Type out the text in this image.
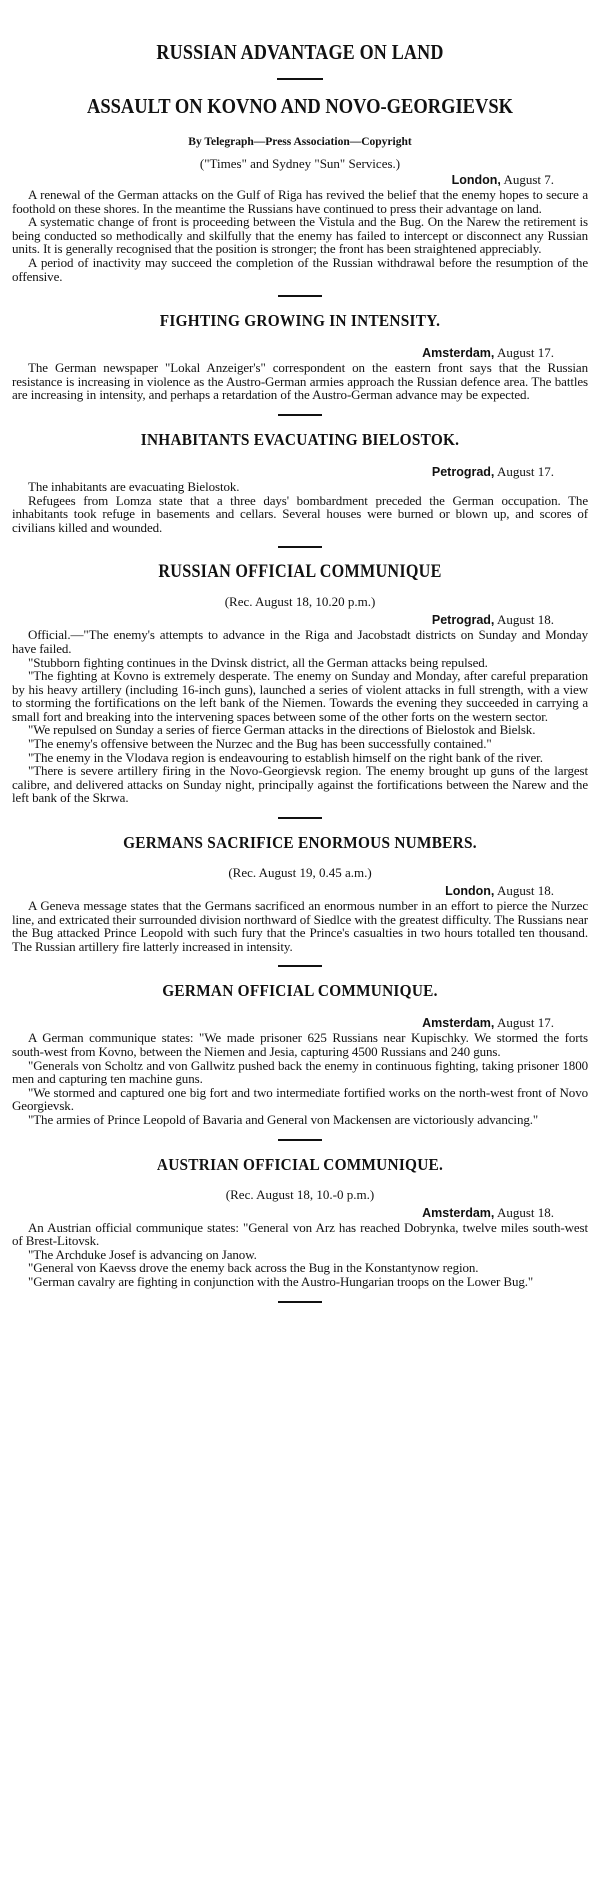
RUSSIAN ADVANTAGE ON LAND
ASSAULT ON KOVNO AND NOVO-GEORGIEVSK

By Telegraph—Press Association—Copyright

("Times" and Sydney "Sun" Services.)

London, August 7.

A renewal of the German attacks on the Gulf of Riga has revived the belief that the enemy hopes to secure a foothold on these shores. In the meantime the Russians have continued to press their advantage on land.

A systematic change of front is proceeding between the Vistula and the Bug. On the Narew the retirement is being conducted so methodically and skilfully that the enemy has failed to intercept or disconnect any Russian units. It is generally recognised that the position is stronger; the front has been straightened appreciably.

A period of inactivity may succeed the completion of the Russian withdrawal before the resumption of the offensive.

FIGHTING GROWING IN INTENSITY.

Amsterdam, August 17.

The German newspaper "Lokal Anzeiger's" correspondent on the eastern front says that the Russian resistance is increasing in violence as the Austro-German armies approach the Russian defence area. The battles are increasing in intensity, and perhaps a retardation of the Austro-German advance may be expected.

INHABITANTS EVACUATING BIELOSTOK.

Petrograd, August 17.

The inhabitants are evacuating Bielostok.

Refugees from Lomza state that a three days' bombardment preceded the German occupation. The inhabitants took refuge in basements and cellars. Several houses were burned or blown up, and scores of civilians killed and wounded.

RUSSIAN OFFICIAL COMMUNIQUE

(Rec. August 18, 10.20 p.m.)

Petrograd, August 18.

Official.—"The enemy's attempts to advance in the Riga and Jacobstadt districts on Sunday and Monday have failed.

"Stubborn fighting continues in the Dvinsk district, all the German attacks being repulsed.

"The fighting at Kovno is extremely desperate. The enemy on Sunday and Monday, after careful preparation by his heavy artillery (including 16-inch guns), launched a series of violent attacks in full strength, with a view to storming the fortifications on the left bank of the Niemen. Towards the evening they succeeded in carrying a small fort and breaking into the intervening spaces between some of the other forts on the western sector.

"We repulsed on Sunday a series of fierce German attacks in the directions of Bielostok and Bielsk.

"The enemy's offensive between the Nurzec and the Bug has been successfully contained."

"The enemy in the Vlodava region is endeavouring to establish himself on the right bank of the river.

"There is severe artillery firing in the Novo-Georgievsk region. The enemy brought up guns of the largest calibre, and delivered attacks on Sunday night, principally against the fortifications between the Narew and the left bank of the Skrwa.

GERMANS SACRIFICE ENORMOUS NUMBERS.

(Rec. August 19, 0.45 a.m.)

London, August 18.

A Geneva message states that the Germans sacrificed an enormous number in an effort to pierce the Nurzec line, and extricated their surrounded division northward of Siedlce with the greatest difficulty. The Russians near the Bug attacked Prince Leopold with such fury that the Prince's casualties in two hours totalled ten thousand. The Russian artillery fire latterly increased in intensity.

GERMAN OFFICIAL COMMUNIQUE.

Amsterdam, August 17.

A German communique states: "We made prisoner 625 Russians near Kupischky. We stormed the forts south-west from Kovno, between the Niemen and Jesia, capturing 4500 Russians and 240 guns.

"Generals von Scholtz and von Gallwitz pushed back the enemy in continuous fighting, taking prisoner 1800 men and capturing ten machine guns.

"We stormed and captured one big fort and two intermediate fortified works on the north-west front of Novo Georgievsk.

"The armies of Prince Leopold of Bavaria and General von Mackensen are victoriously advancing."

AUSTRIAN OFFICIAL COMMUNIQUE.

(Rec. August 18, 10.-0 p.m.)

Amsterdam, August 18.

An Austrian official communique states: "General von Arz has reached Dobrynka, twelve miles south-west of Brest-Litovsk.

"The Archduke Josef is advancing on Janow.

"General von Kaevss drove the enemy back across the Bug in the Konstantynow region.

"German cavalry are fighting in conjunction with the Austro-Hungarian troops on the Lower Bug."
